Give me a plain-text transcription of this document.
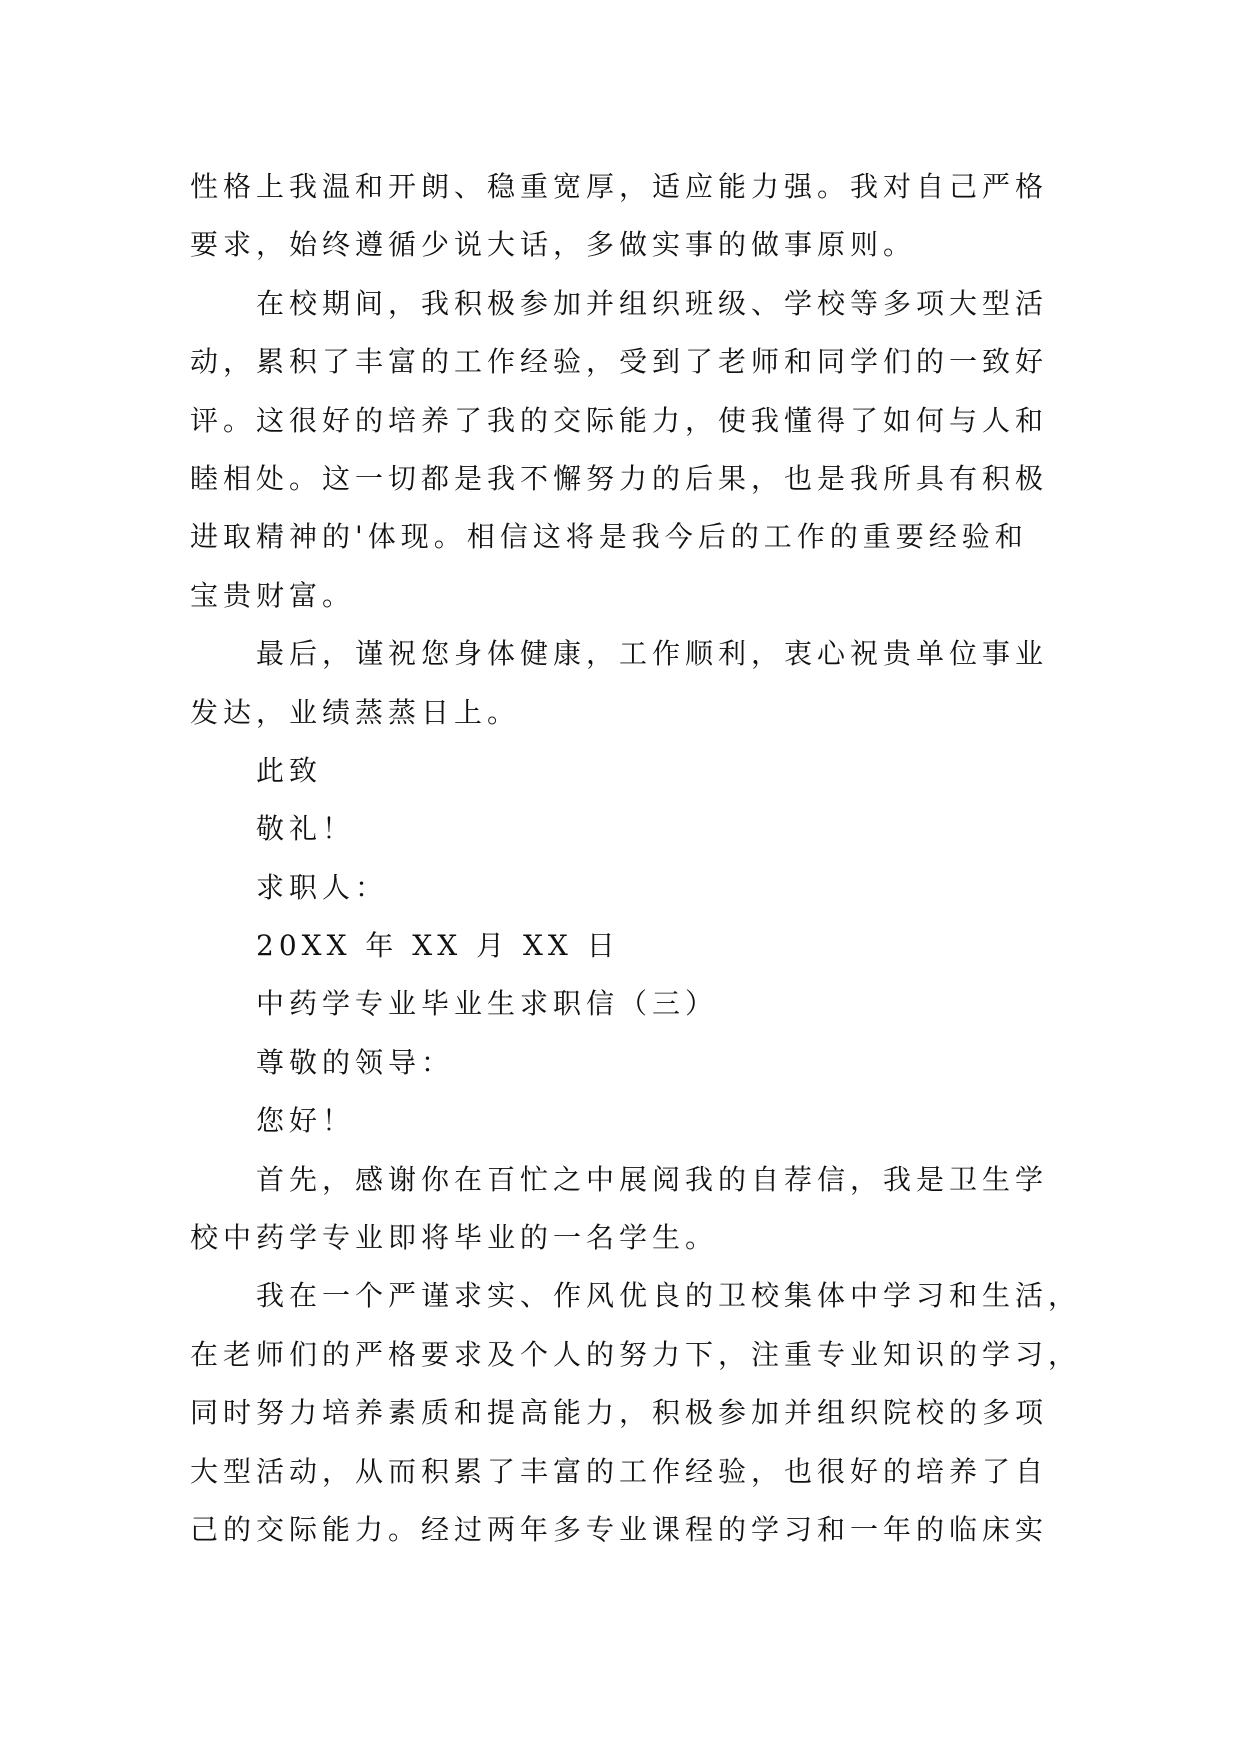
性格上我温和开朗、稳重宽厚，适应能力强。我对自己严格
要求，始终遵循少说大话，多做实事的做事原则。
在校期间，我积极参加并组织班级、学校等多项大型活
动，累积了丰富的工作经验，受到了老师和同学们的一致好
评。这很好的培养了我的交际能力，使我懂得了如何与人和
睦相处。这一切都是我不懈努力的后果，也是我所具有积极
进取精神的'体现。相信这将是我今后的工作的重要经验和
宝贵财富。
最后，谨祝您身体健康，工作顺利，衷心祝贵单位事业
发达，业绩蒸蒸日上。
此致
敬礼！
求职人：
20XX 年 XX 月 XX 日
中药学专业毕业生求职信（三）
尊敬的领导：
您好！
首先，感谢你在百忙之中展阅我的自荐信，我是卫生学
校中药学专业即将毕业的一名学生。
我在一个严谨求实、作风优良的卫校集体中学习和生活，
在老师们的严格要求及个人的努力下，注重专业知识的学习，
同时努力培养素质和提高能力，积极参加并组织院校的多项
大型活动，从而积累了丰富的工作经验，也很好的培养了自
己的交际能力。经过两年多专业课程的学习和一年的临床实
